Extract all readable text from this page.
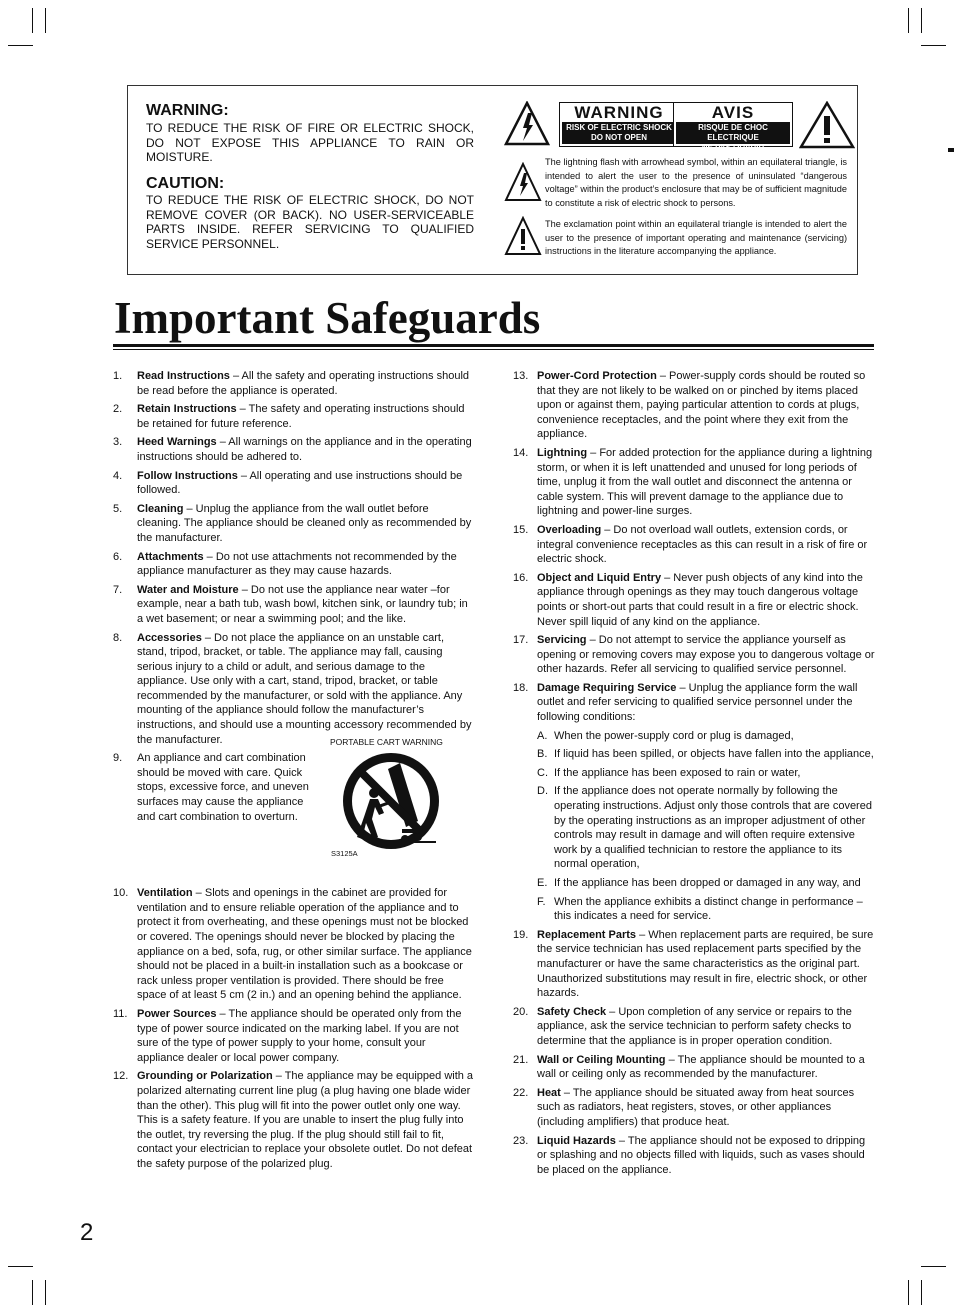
WARNING:
TO REDUCE THE RISK OF FIRE OR ELECTRIC SHOCK, DO NOT EXPOSE THIS APPLIANCE TO RAIN OR MOISTURE.
CAUTION:
TO REDUCE THE RISK OF ELECTRIC SHOCK, DO NOT REMOVE COVER (OR BACK). NO USER-SERVICEABLE PARTS INSIDE. REFER SERVICING TO QUALIFIED SERVICE PERSONNEL.
WARNING
RISK OF ELECTRIC SHOCK
DO NOT OPEN
AVIS
RISQUE DE CHOC ELECTRIQUE
NE PAS OUVRIR
The lightning flash with arrowhead symbol, within an equilateral triangle, is intended to alert the user to the presence of uninsulated “dangerous voltage” within the product’s enclosure that may be of sufficient magnitude to constitute a risk of electric shock to persons.
The exclamation point within an equilateral triangle is intended to alert the user to the presence of important operating and maintenance (servicing) instructions in the literature accompanying the appliance.
Important Safeguards
1. Read Instructions – All the safety and operating instructions should be read before the appliance is operated.
2. Retain Instructions – The safety and operating instructions should be retained for future reference.
3. Heed Warnings – All warnings on the appliance and in the operating instructions should be adhered to.
4. Follow Instructions – All operating and use instructions should be followed.
5. Cleaning – Unplug the appliance from the wall outlet before cleaning. The appliance should be cleaned only as recommended by the manufacturer.
6. Attachments – Do not use attachments not recommended by the appliance manufacturer as they may cause hazards.
7. Water and Moisture – Do not use the appliance near water –for example, near a bath tub, wash bowl, kitchen sink, or laundry tub; in a wet basement; or near a swimming pool; and the like.
8. Accessories – Do not place the appliance on an unstable cart, stand, tripod, bracket, or table. The appliance may fall, causing serious injury to a child or adult, and serious damage to the appliance. Use only with a cart, stand, tripod, bracket, or table recommended by the manufacturer, or sold with the appliance. Any mounting of the appliance should follow the manufacturer’s instructions, and should use a mounting accessory recommended by the manufacturer.
9. An appliance and cart combination should be moved with care. Quick stops, excessive force, and uneven surfaces may cause the appliance and cart combination to overturn.
10. Ventilation – Slots and openings in the cabinet are provided for ventilation and to ensure reliable operation of the appliance and to protect it from overheating, and these openings must not be blocked or covered. The openings should never be blocked by placing the appliance on a bed, sofa, rug, or other similar surface. The appliance should not be placed in a built-in installation such as a bookcase or rack unless proper ventilation is provided. There should be free space of at least 5 cm (2 in.) and an opening behind the appliance.
11. Power Sources – The appliance should be operated only from the type of power source indicated on the marking label. If you are not sure of the type of power supply to your home, consult your appliance dealer or local power company.
12. Grounding or Polarization – The appliance may be equipped with a polarized alternating current line plug (a plug having one blade wider than the other). This plug will fit into the power outlet only one way. This is a safety feature. If you are unable to insert the plug fully into the outlet, try reversing the plug. If the plug should still fail to fit, contact your electrician to replace your obsolete outlet. Do not defeat the safety purpose of the polarized plug.
13. Power-Cord Protection – Power-supply cords should be routed so that they are not likely to be walked on or pinched by items placed upon or against them, paying particular attention to cords at plugs, convenience receptacles, and the point where they exit from the appliance.
14. Lightning – For added protection for the appliance during a lightning storm, or when it is left unattended and unused for long periods of time, unplug it from the wall outlet and disconnect the antenna or cable system. This will prevent damage to the appliance due to lightning and power-line surges.
15. Overloading – Do not overload wall outlets, extension cords, or integral convenience receptacles as this can result in a risk of fire or electric shock.
16. Object and Liquid Entry – Never push objects of any kind into the appliance through openings as they may touch dangerous voltage points or short-out parts that could result in a fire or electric shock. Never spill liquid of any kind on the appliance.
17. Servicing – Do not attempt to service the appliance yourself as opening or removing covers may expose you to dangerous voltage or other hazards. Refer all servicing to qualified service personnel.
18. Damage Requiring Service – Unplug the appliance form the wall outlet and refer servicing to qualified service personnel under the following conditions:
A. When the power-supply cord or plug is damaged,
B. If liquid has been spilled, or objects have fallen into the appliance,
C. If the appliance has been exposed to rain or water,
D. If the appliance does not operate normally by following the operating instructions. Adjust only those controls that are covered by the operating instructions as an improper adjustment of other controls may result in damage and will often require extensive work by a qualified technician to restore the appliance to its normal operation,
E. If the appliance has been dropped or damaged in any way, and
F. When the appliance exhibits a distinct change in performance – this indicates a need for service.
19. Replacement Parts – When replacement parts are required, be sure the service technician has used replacement parts specified by the manufacturer or have the same characteristics as the original part. Unauthorized substitutions may result in fire, electric shock, or other hazards.
20. Safety Check – Upon completion of any service or repairs to the appliance, ask the service technician to perform safety checks to determine that the appliance is in proper operation condition.
21. Wall or Ceiling Mounting – The appliance should be mounted to a wall or ceiling only as recommended by the manufacturer.
22. Heat – The appliance should be situated away from heat sources such as radiators, heat registers, stoves, or other appliances (including amplifiers) that produce heat.
23. Liquid Hazards – The appliance should not be exposed to dripping or splashing and no objects filled with liquids, such as vases should be placed on the appliance.
PORTABLE CART WARNING
S3125A
2
